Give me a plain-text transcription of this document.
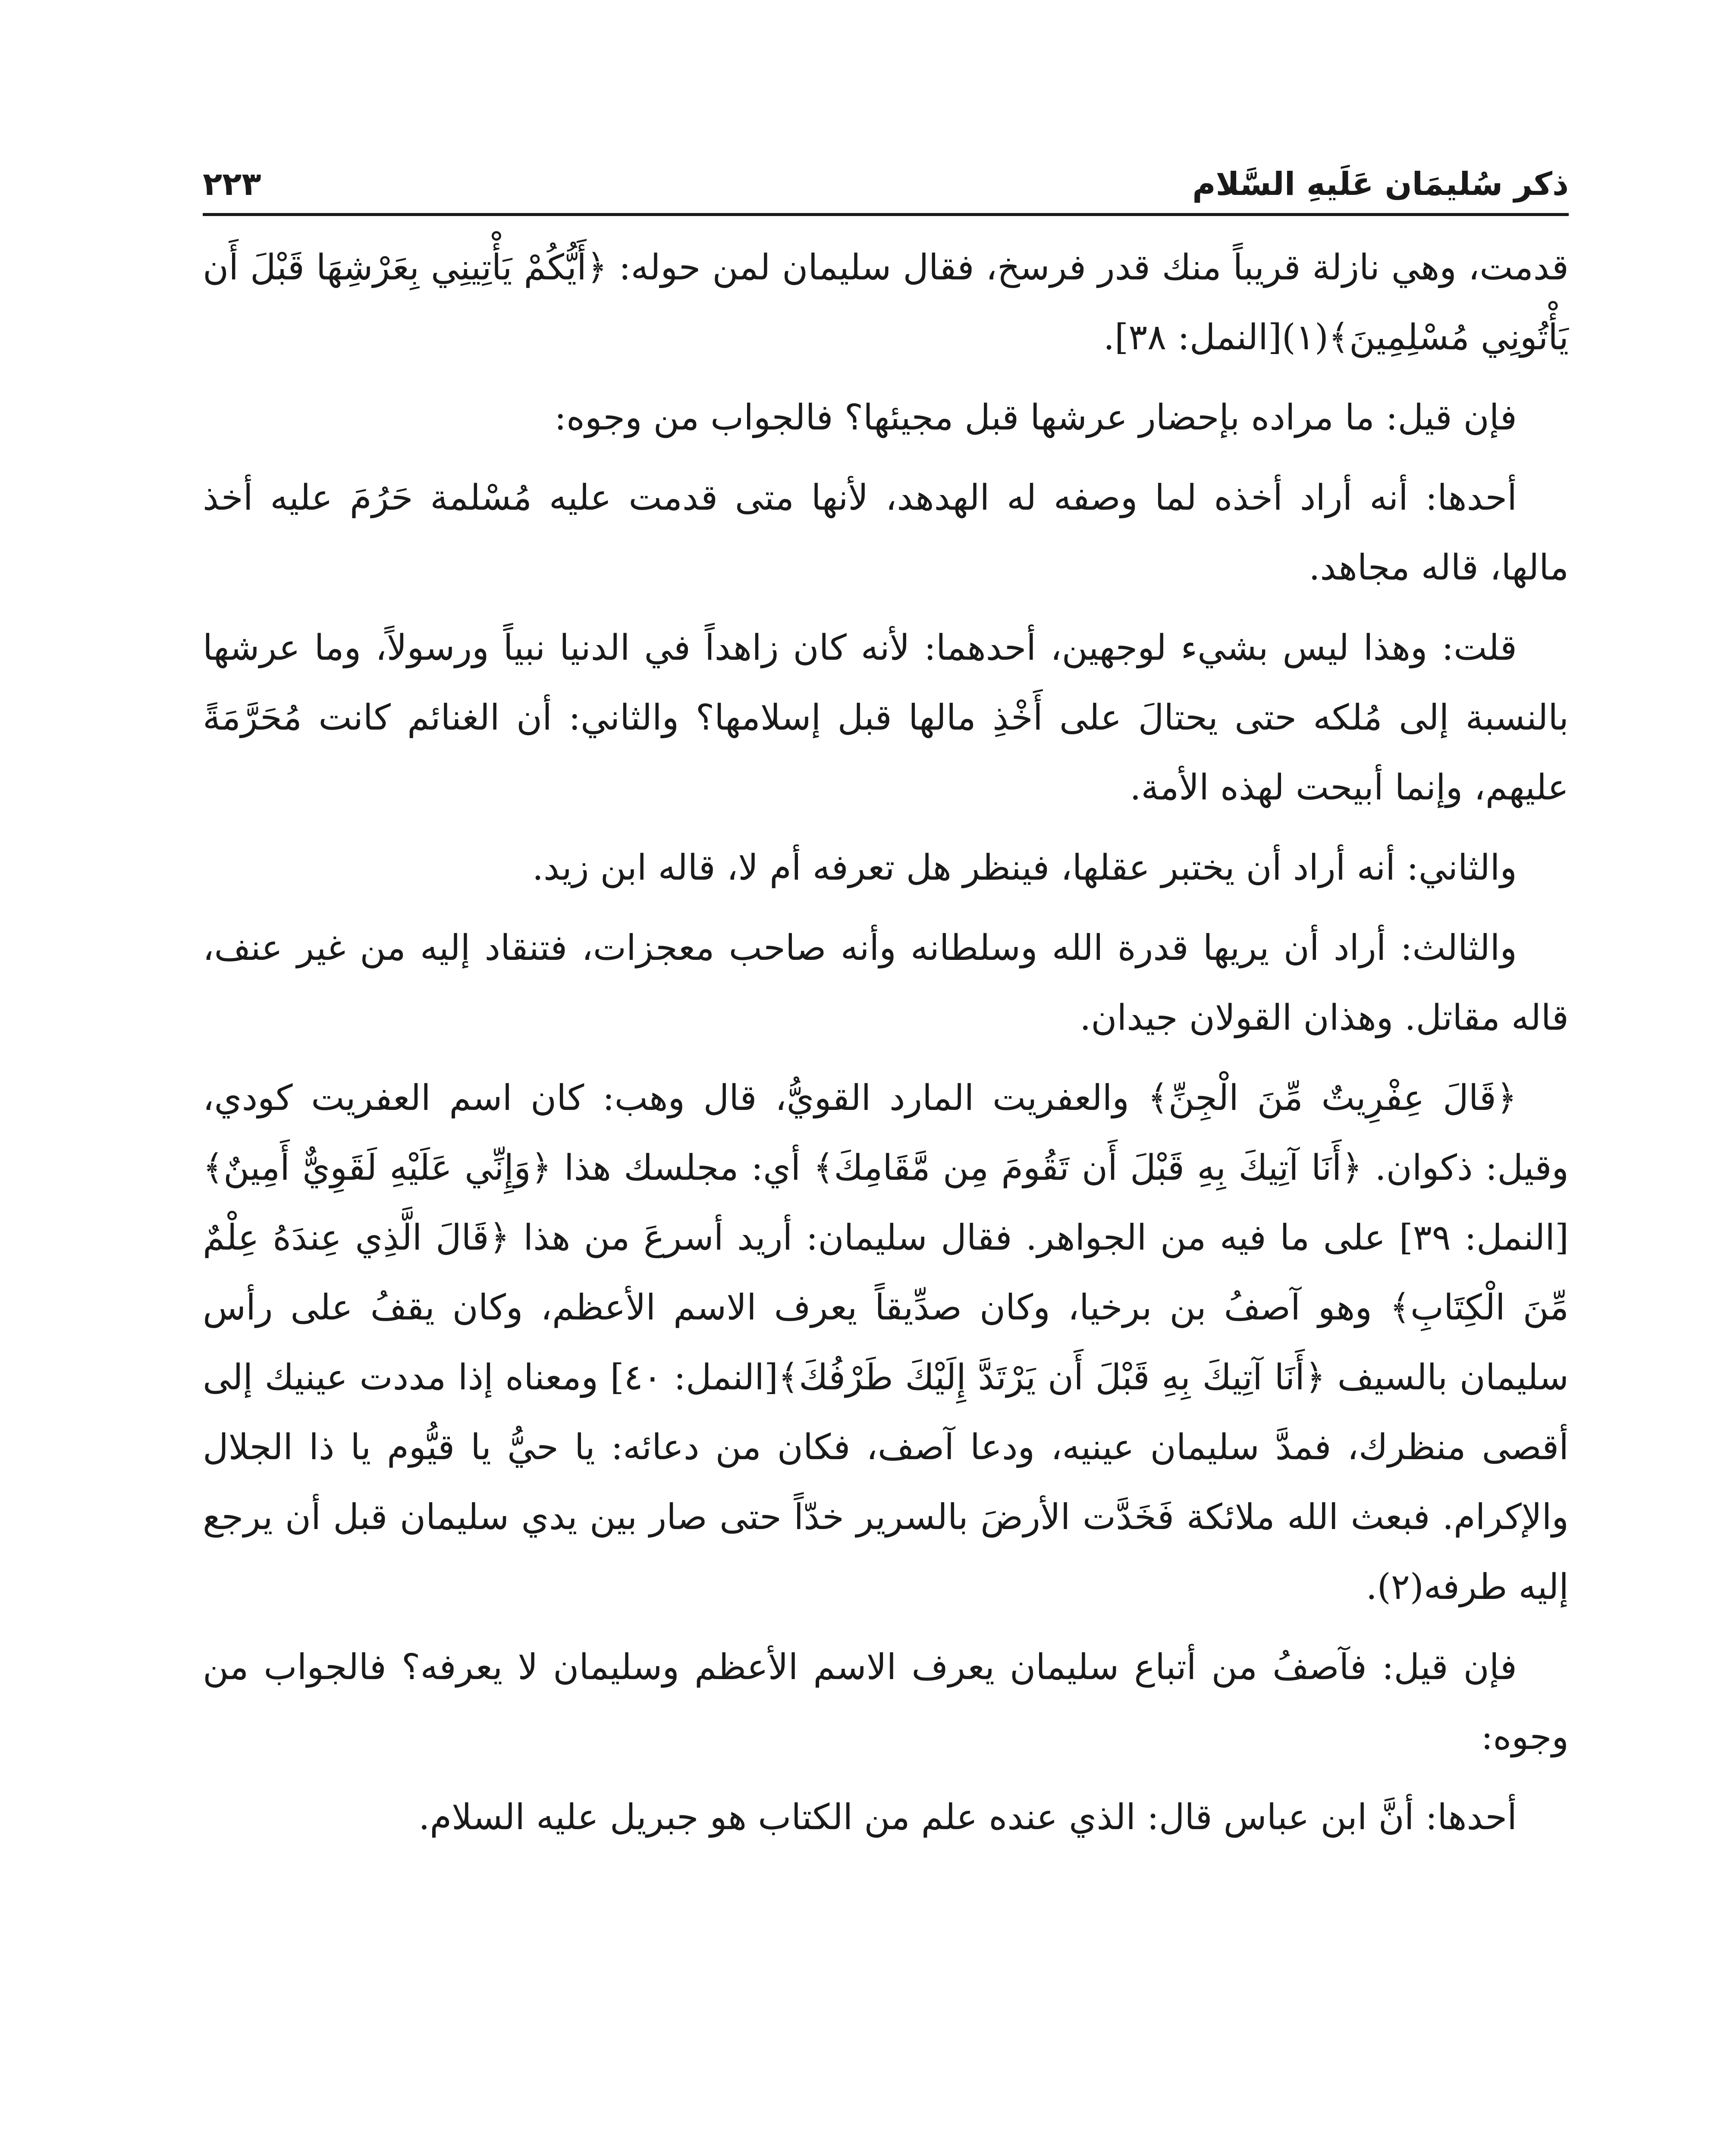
ذكر سُليمَان عَلَيهِ السَّلام
٢٢٣

قدمت، وهي نازلة قريباً منك قدر فرسخ، فقال سليمان لمن حوله: ﴿أَيُّكُمْ يَأْتِينِي بِعَرْشِهَا قَبْلَ أَن يَأْتُونِي مُسْلِمِينَ﴾(١)[النمل: ٣٨].

فإن قيل: ما مراده بإحضار عرشها قبل مجيئها؟ فالجواب من وجوه:

أحدها: أنه أراد أخذه لما وصفه له الهدهد، لأنها متى قدمت عليه مُسْلمة حَرُمَ عليه أخذ مالها، قاله مجاهد.

قلت: وهذا ليس بشيء لوجهين، أحدهما: لأنه كان زاهداً في الدنيا نبياً ورسولاً، وما عرشها بالنسبة إلى مُلكه حتى يحتالَ على أَخْذِ مالها قبل إسلامها؟ والثاني: أن الغنائم كانت مُحَرَّمَةً عليهم، وإنما أبيحت لهذه الأمة.

والثاني: أنه أراد أن يختبر عقلها، فينظر هل تعرفه أم لا، قاله ابن زيد.

والثالث: أراد أن يريها قدرة الله وسلطانه وأنه صاحب معجزات، فتنقاد إليه من غير عنف، قاله مقاتل. وهذان القولان جيدان.

﴿قَالَ عِفْرِيتٌ مِّنَ الْجِنِّ﴾ والعفريت المارد القويُّ، قال وهب: كان اسم العفريت كودي، وقيل: ذكوان. ﴿أَنَا آتِيكَ بِهِ قَبْلَ أَن تَقُومَ مِن مَّقَامِكَ﴾ أي: مجلسك هذا ﴿وَإِنِّي عَلَيْهِ لَقَوِيٌّ أَمِينٌ﴾[النمل: ٣٩] على ما فيه من الجواهر. فقال سليمان: أريد أسرعَ من هذا ﴿قَالَ الَّذِي عِندَهُ عِلْمٌ مِّنَ الْكِتَابِ﴾ وهو آصفُ بن برخيا، وكان صدِّيقاً يعرف الاسم الأعظم، وكان يقفُ على رأس سليمان بالسيف ﴿أَنَا آتِيكَ بِهِ قَبْلَ أَن يَرْتَدَّ إِلَيْكَ طَرْفُكَ﴾[النمل: ٤٠] ومعناه إذا مددت عينيك إلى أقصى منظرك، فمدَّ سليمان عينيه، ودعا آصف، فكان من دعائه: يا حيُّ يا قيُّوم يا ذا الجلال والإكرام. فبعث الله ملائكة فَخَدَّت الأرضَ بالسرير خدّاً حتى صار بين يدي سليمان قبل أن يرجع إليه طرفه(٢).

فإن قيل: فآصفُ من أتباع سليمان يعرف الاسم الأعظم وسليمان لا يعرفه؟ فالجواب من وجوه:

أحدها: أنَّ ابن عباس قال: الذي عنده علم من الكتاب هو جبريل عليه السلام.
